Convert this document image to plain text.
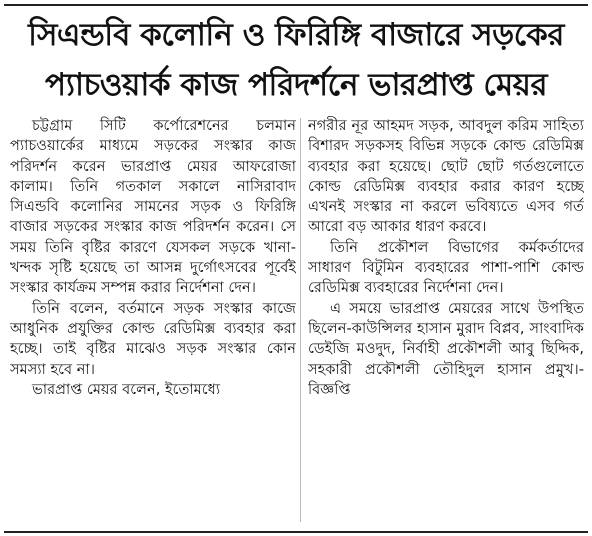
সিএন্ডবি কলোনি ও ফিরিঙ্গি বাজারে সড়কের
প্যাচওয়ার্ক কাজ পরিদর্শনে ভারপ্রাপ্ত মেয়র

চট্টগ্রাম সিটি কর্পোরেশনের চলমান প্যাচওয়ার্কের মাধ্যমে সড়কের সংস্কার কাজ পরিদর্শন করেন ভারপ্রাপ্ত মেয়র আফরোজা কালাম। তিনি গতকাল সকালে নাসিরাবাদ সিএন্ডবি কলোনির সামনের সড়ক ও ফিরিঙ্গি বাজার সড়কের সংস্কার কাজ পরিদর্শন করেন। সে সময় তিনি বৃষ্টির কারণে যেসকল সড়কে খানা-খন্দক সৃষ্টি হয়েছে তা আসন্ন দুর্গোৎসবের পূর্বেই সংস্কার কার্যক্রম সম্পন্ন করার নির্দেশনা দেন।

তিনি বলেন, বর্তমানে সড়ক সংস্কার কাজে আধুনিক প্রযুক্তির কোল্ড রেডিমিক্স ব্যবহার করা হচ্ছে। তাই বৃষ্টির মাঝেও সড়ক সংস্কার কোন সমস্যা হবে না।

ভারপ্রাপ্ত মেয়র বলেন, ইতোমধ্যে

নগরীর নূর আহমদ সড়ক, আবদুল করিম সাহিত্য বিশারদ সড়কসহ বিভিন্ন সড়কে কোল্ড রেডিমিক্স ব্যবহার করা হয়েছে। ছোট ছোট গর্তগুলোতে কোল্ড রেডিমিক্স ব্যবহার করার কারণ হচ্ছে এখনই সংস্কার না করলে ভবিষ্যতে এসব গর্ত আরো বড় আকার ধারণ করবে।

তিনি প্রকৌশল বিভাগের কর্মকর্তাদের সাধারণ বিটুমিন ব্যবহারের পাশা-পাশি কোল্ড রেডিমিক্স ব্যবহারের নির্দেশনা দেন।

এ সময়ে ভারপ্রাপ্ত মেয়রের সাথে উপস্থিত ছিলেন-কাউন্সিলর হাসান মুরাদ বিপ্লব, সাংবাদিক ডেইজি মওদুদ, নির্বাহী প্রকৌশলী আবু ছিদ্দিক, সহকারী প্রকৌশলী তৌহিদুল হাসান প্রমুখ।-বিজ্ঞপ্তি
